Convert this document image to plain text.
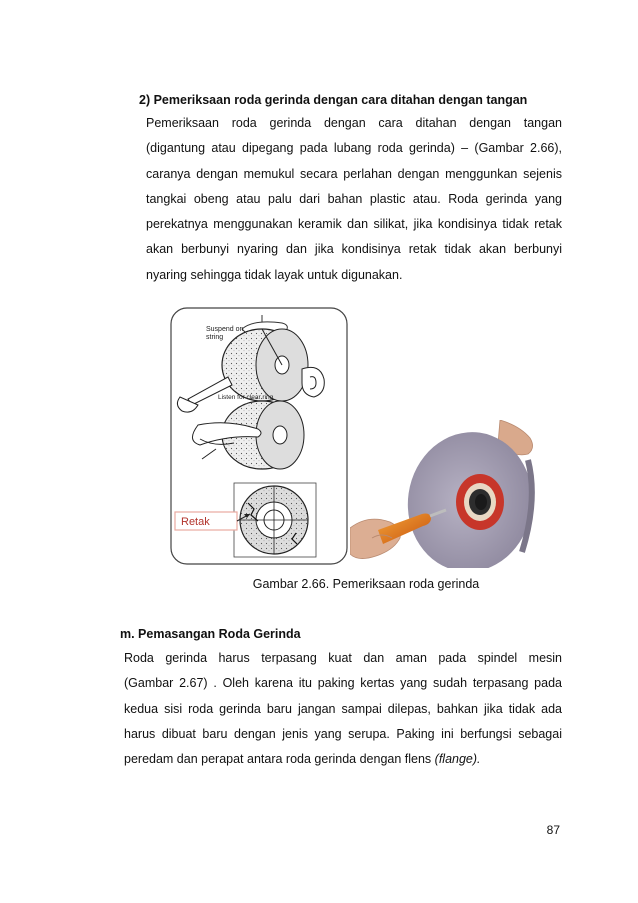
2) Pemeriksaan roda gerinda dengan cara ditahan dengan tangan
Pemeriksaan roda gerinda dengan cara ditahan dengan tangan
(digantung atau dipegang pada lubang roda gerinda) – (Gambar 2.66),
caranya dengan memukul secara perlahan dengan menggunkan sejenis
tangkai obeng atau palu dari bahan plastic atau. Roda gerinda yang
perekatnya menggunakan keramik dan silikat, jika kondisinya tidak retak
akan berbunyi nyaring dan jika kondisinya retak tidak akan berbunyi
nyaring sehingga tidak layak untuk digunakan.
Suspend on
string
Listen for clear ring
Retak
Gambar 2.66. Pemeriksaan roda gerinda
m. Pemasangan Roda Gerinda
Roda gerinda harus terpasang kuat dan aman pada spindel mesin
(Gambar 2.67) . Oleh karena itu paking kertas yang sudah terpasang pada
kedua sisi roda gerinda baru jangan sampai dilepas, bahkan jika tidak ada
harus dibuat baru dengan jenis yang serupa. Paking ini berfungsi sebagai
peredam dan perapat antara roda gerinda dengan flens (flange).
87
